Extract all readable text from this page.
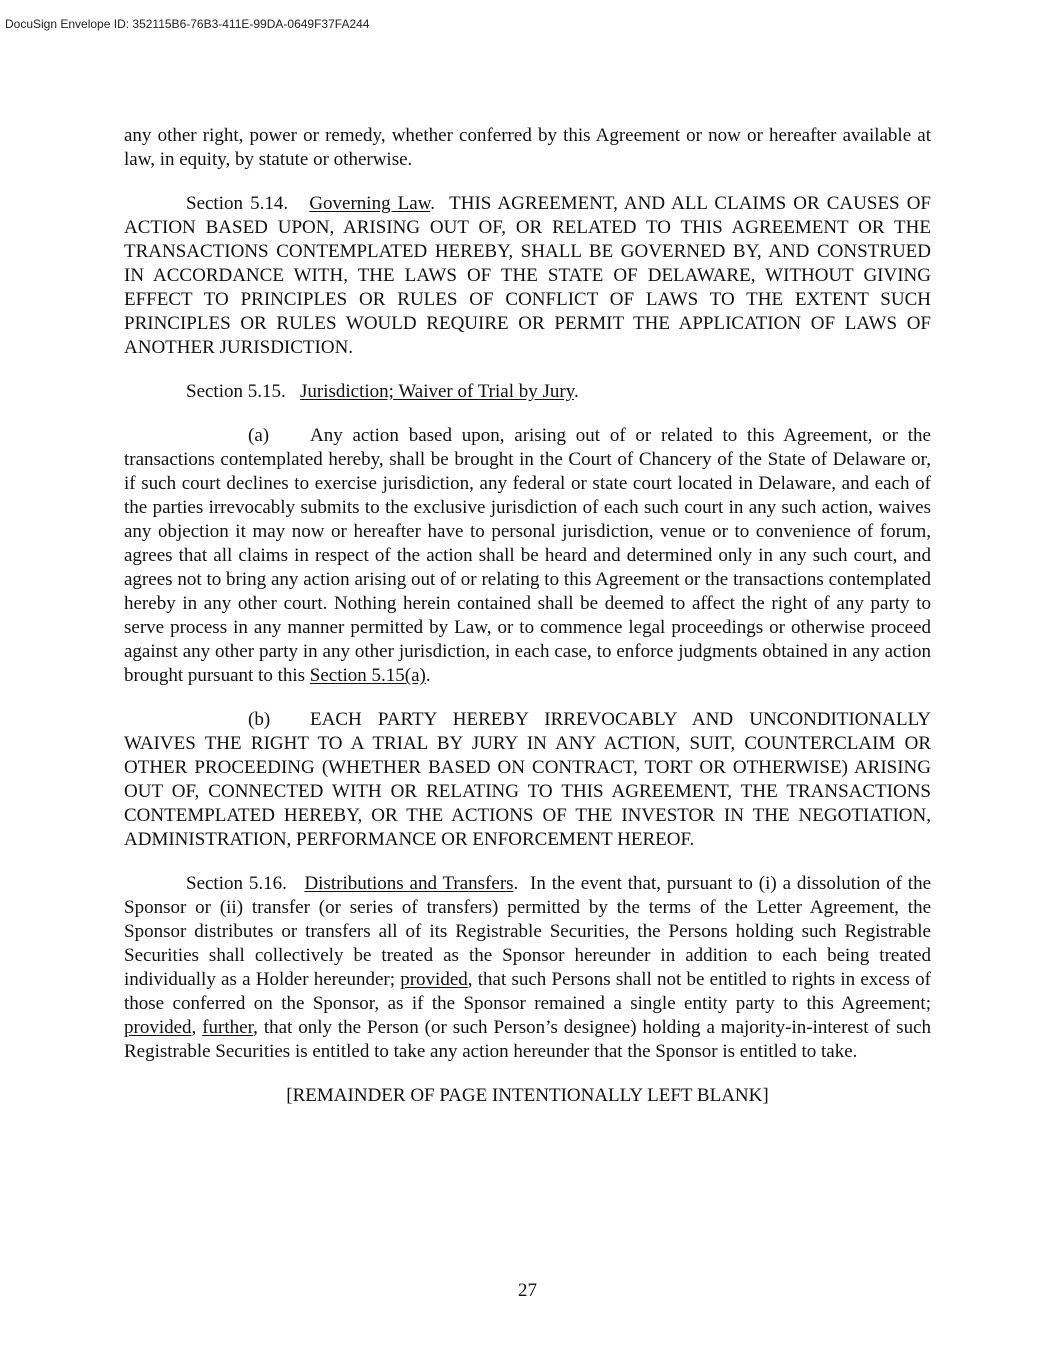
DocuSign Envelope ID: 352115B6-76B3-411E-99DA-0649F37FA244

any other right, power or remedy, whether conferred by this Agreement or now or hereafter available at law, in equity, by statute or otherwise.

Section 5.14. Governing Law.  THIS AGREEMENT, AND ALL CLAIMS OR CAUSES OF ACTION BASED UPON, ARISING OUT OF, OR RELATED TO THIS AGREEMENT OR THE TRANSACTIONS CONTEMPLATED HEREBY, SHALL BE GOVERNED BY, AND CONSTRUED IN ACCORDANCE WITH, THE LAWS OF THE STATE OF DELAWARE, WITHOUT GIVING EFFECT TO PRINCIPLES OR RULES OF CONFLICT OF LAWS TO THE EXTENT SUCH PRINCIPLES OR RULES WOULD REQUIRE OR PERMIT THE APPLICATION OF LAWS OF ANOTHER JURISDICTION.

Section 5.15. Jurisdiction; Waiver of Trial by Jury.

(a) Any action based upon, arising out of or related to this Agreement, or the transactions contemplated hereby, shall be brought in the Court of Chancery of the State of Delaware or, if such court declines to exercise jurisdiction, any federal or state court located in Delaware, and each of the parties irrevocably submits to the exclusive jurisdiction of each such court in any such action, waives any objection it may now or hereafter have to personal jurisdiction, venue or to convenience of forum, agrees that all claims in respect of the action shall be heard and determined only in any such court, and agrees not to bring any action arising out of or relating to this Agreement or the transactions contemplated hereby in any other court. Nothing herein contained shall be deemed to affect the right of any party to serve process in any manner permitted by Law, or to commence legal proceedings or otherwise proceed against any other party in any other jurisdiction, in each case, to enforce judgments obtained in any action brought pursuant to this Section 5.15(a).

(b) EACH PARTY HEREBY IRREVOCABLY AND UNCONDITIONALLY WAIVES THE RIGHT TO A TRIAL BY JURY IN ANY ACTION, SUIT, COUNTERCLAIM OR OTHER PROCEEDING (WHETHER BASED ON CONTRACT, TORT OR OTHERWISE) ARISING OUT OF, CONNECTED WITH OR RELATING TO THIS AGREEMENT, THE TRANSACTIONS CONTEMPLATED HEREBY, OR THE ACTIONS OF THE INVESTOR IN THE NEGOTIATION, ADMINISTRATION, PERFORMANCE OR ENFORCEMENT HEREOF.

Section 5.16. Distributions and Transfers.  In the event that, pursuant to (i) a dissolution of the Sponsor or (ii) transfer (or series of transfers) permitted by the terms of the Letter Agreement, the Sponsor distributes or transfers all of its Registrable Securities, the Persons holding such Registrable Securities shall collectively be treated as the Sponsor hereunder in addition to each being treated individually as a Holder hereunder; provided, that such Persons shall not be entitled to rights in excess of those conferred on the Sponsor, as if the Sponsor remained a single entity party to this Agreement; provided, further, that only the Person (or such Person’s designee) holding a majority-in-interest of such Registrable Securities is entitled to take any action hereunder that the Sponsor is entitled to take.

[REMAINDER OF PAGE INTENTIONALLY LEFT BLANK]

27
